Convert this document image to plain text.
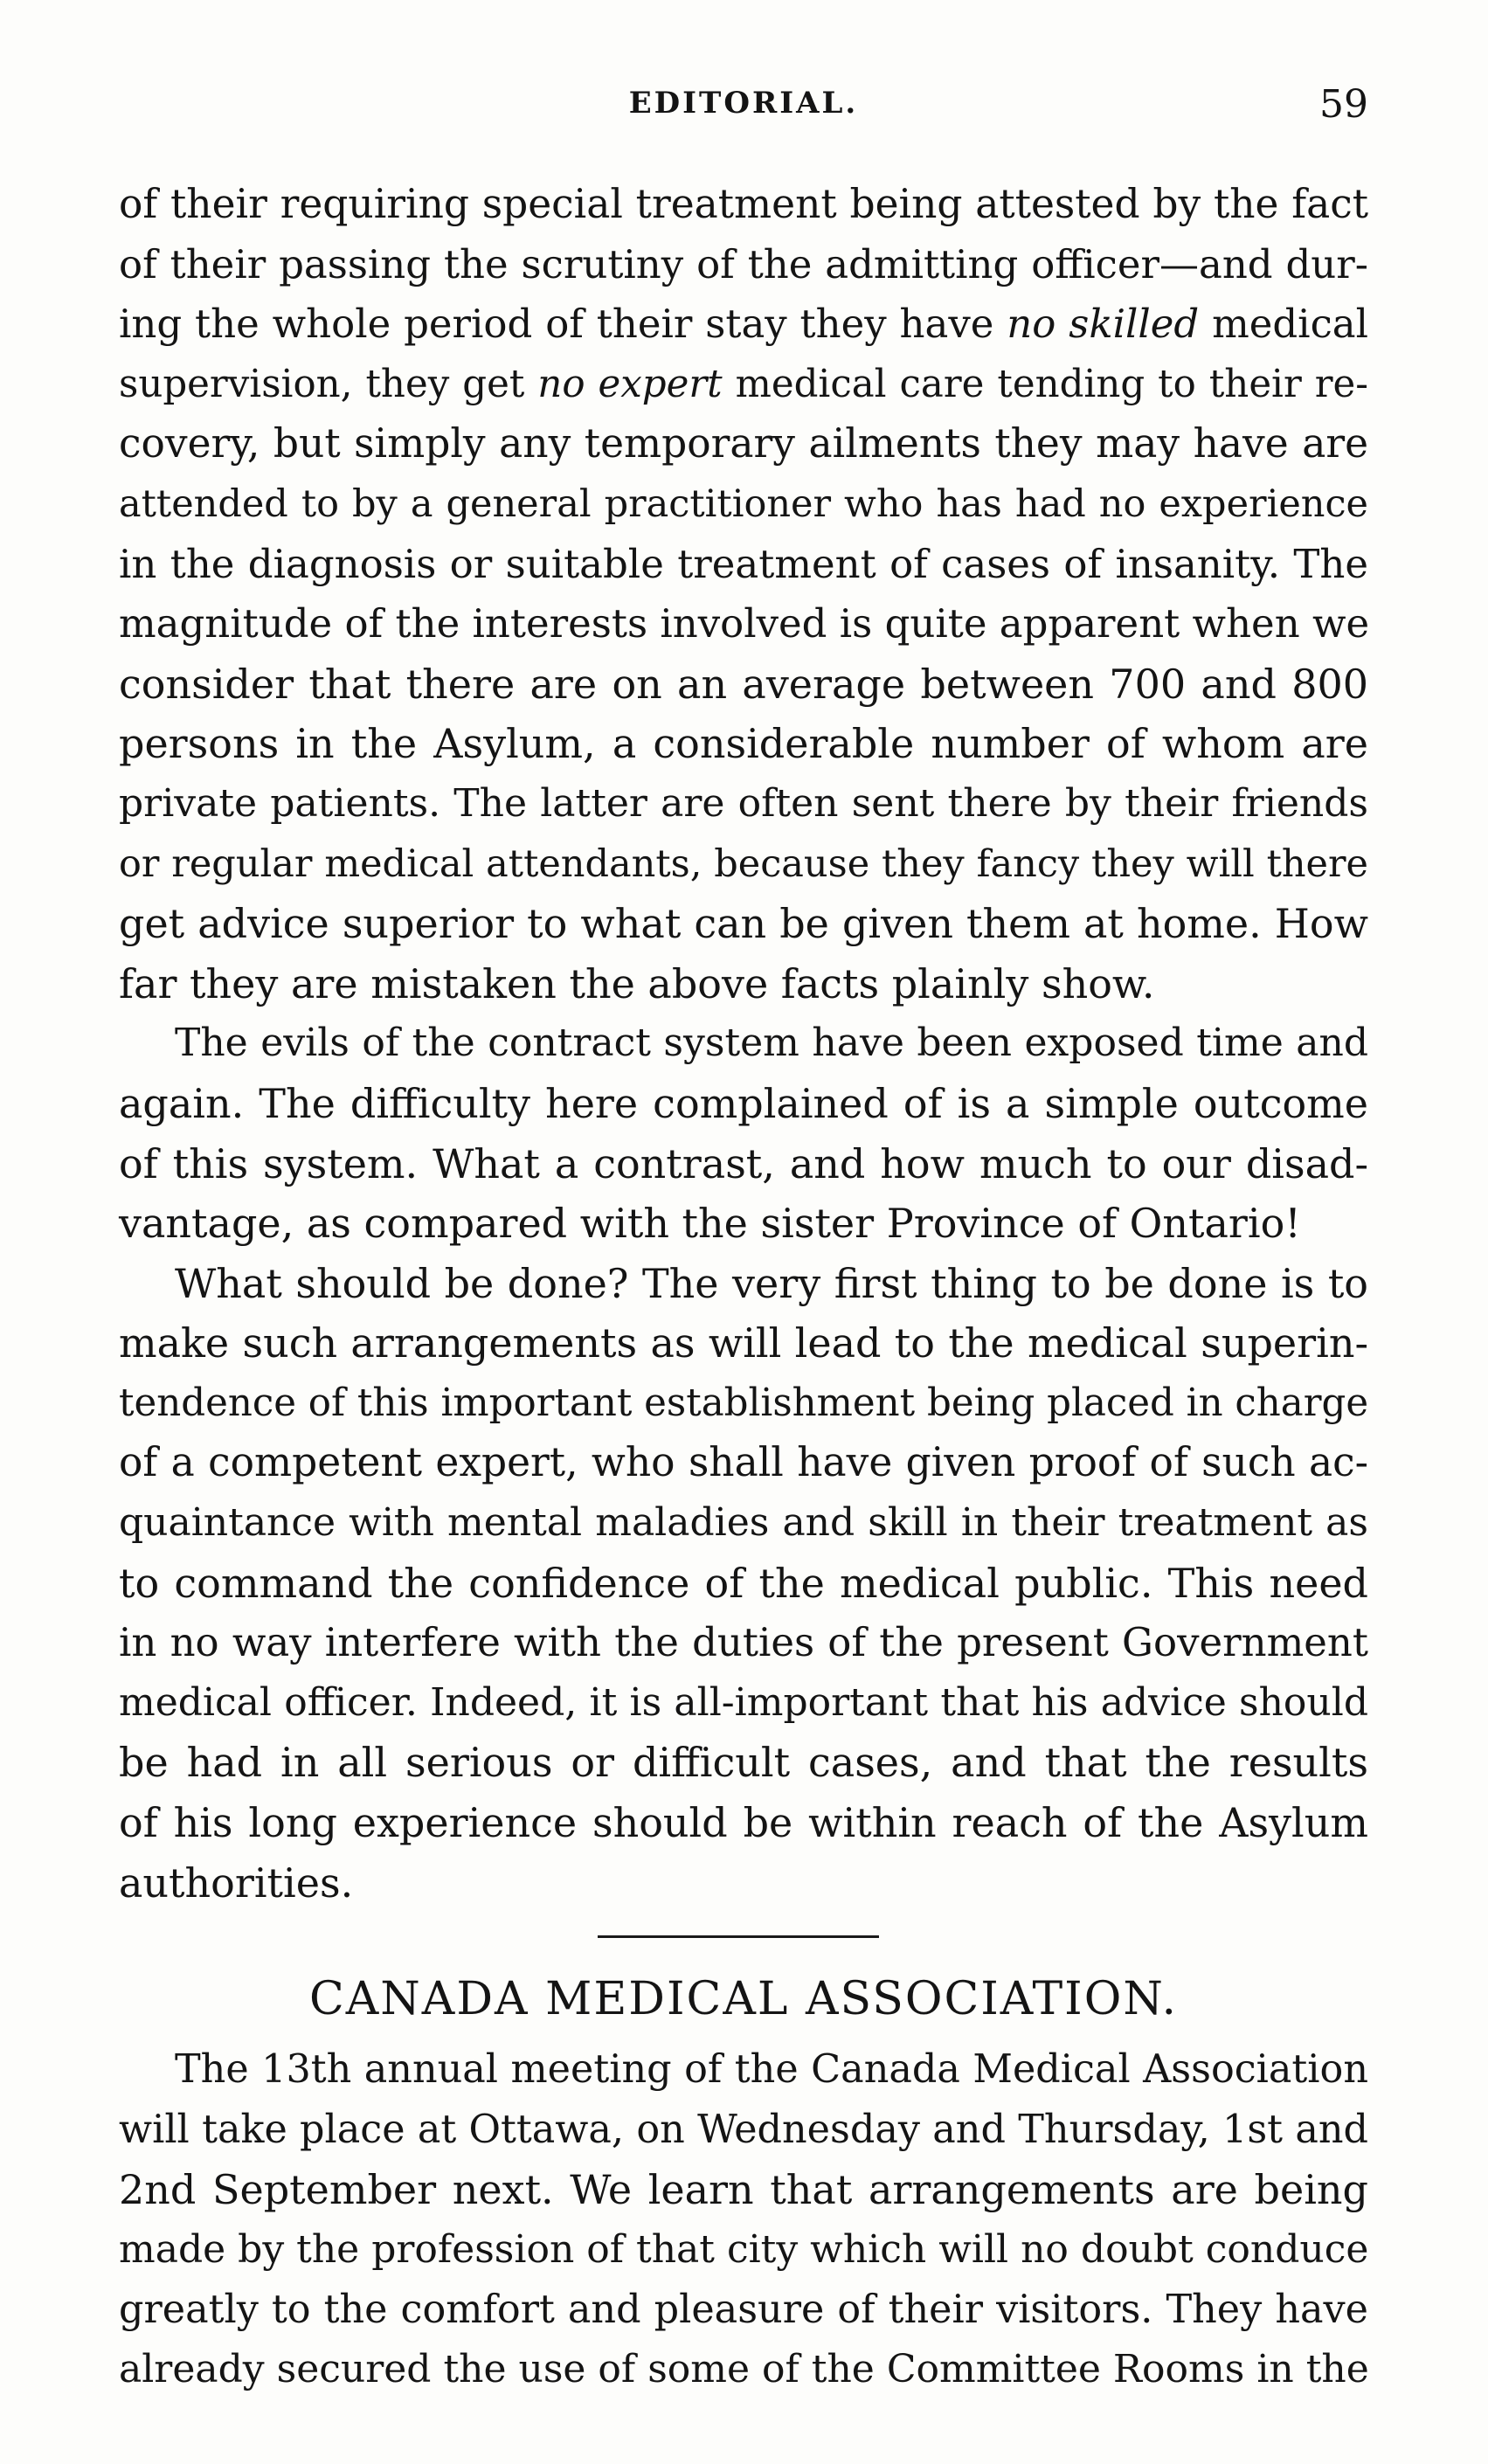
EDITORIAL.	59
of their requiring special treatment being attested by the fact
of their passing the scrutiny of the admitting officer—and dur-
ing the whole period of their stay they have no skilled medical
supervision, they get no expert medical care tending to their re-
covery, but simply any temporary ailments they may have are
attended to by a general practitioner who has had no experience
in the diagnosis or suitable treatment of cases of insanity. The
magnitude of the interests involved is quite apparent when we
consider that there are on an average between 700 and 800
persons in the Asylum, a considerable number of whom are
private patients. The latter are often sent there by their friends
or regular medical attendants, because they fancy they will there
get advice superior to what can be given them at home. How
far they are mistaken the above facts plainly show.
The evils of the contract system have been exposed time and
again. The difficulty here complained of is a simple outcome
of this system. What a contrast, and how much to our disad-
vantage, as compared with the sister Province of Ontario!
What should be done? The very first thing to be done is to
make such arrangements as will lead to the medical superin-
tendence of this important establishment being placed in charge
of a competent expert, who shall have given proof of such ac-
quaintance with mental maladies and skill in their treatment as
to command the confidence of the medical public. This need
in no way interfere with the duties of the present Government
medical officer. Indeed, it is all-important that his advice should
be had in all serious or difficult cases, and that the results
of his long experience should be within reach of the Asylum
authorities.
CANADA MEDICAL ASSOCIATION.
The 13th annual meeting of the Canada Medical Association
will take place at Ottawa, on Wednesday and Thursday, 1st and
2nd September next. We learn that arrangements are being
made by the profession of that city which will no doubt conduce
greatly to the comfort and pleasure of their visitors. They have
already secured the use of some of the Committee Rooms in the
